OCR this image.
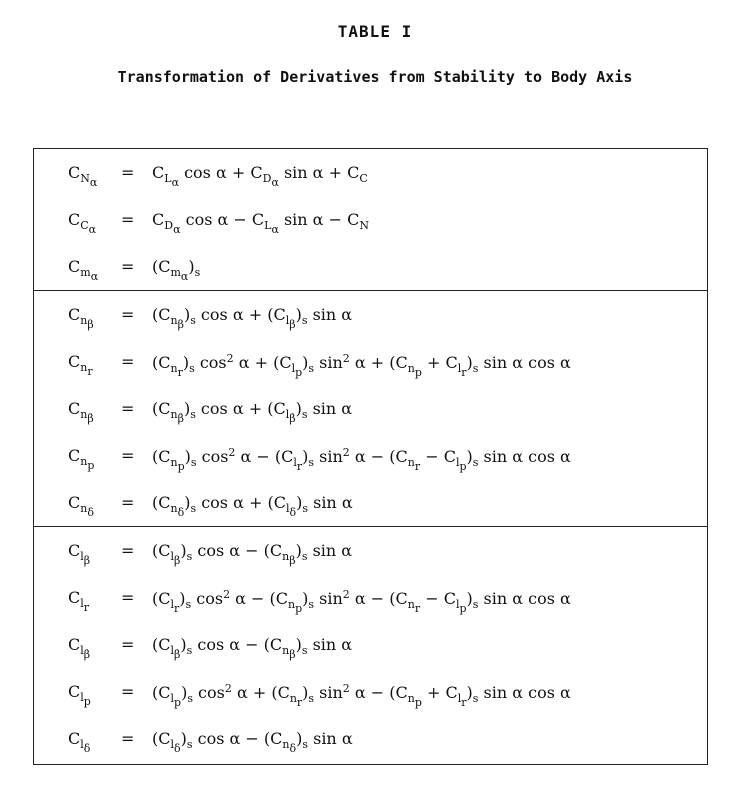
TABLE I
Transformation of Derivatives from Stability to Body Axis
$C_{N_\alpha}$
= $C_{L_\alpha}$ $\cos \alpha + C_{D_\alpha}$ $\sin \alpha + C_C$
$C_{C_\alpha}$
= $C_{D_\alpha}$ $\cos \alpha - C_{L_\alpha}$ $\sin \alpha - C_N$
$C_{m_\alpha}$
= $(C_{m_\alpha})_s$
$C_{n_\beta}$
= $(C_{n_\beta})_s$ $\cos \alpha + (C_{l_\beta})_s$ sin α
$C_{n_r}$
= $(C_{n_r})_s$ $\cos^2 \alpha + (C_{l_p})_s$ $\sin^2 \alpha + (C_{n_p} + C_{l_r})_s$ sin α cos α
$C_{n_{\betȧ}}$
= $(C_{n_{\betȧ}})_s$ $\cos \alpha + (C_{l_{\betȧ}})_s$ sin α
$C_{n_p}$
= $(C_{n_p})_s$ $\cos^2 \alpha - (C_{l_r})_s$ $\sin^2 \alpha - (C_{n_r} - C_{l_p})_s$ sin α cos α
$C_{n_\delta}$
= $(C_{n_\delta})_s$ $\cos \alpha + (C_{l_\delta})_s$ sin α
$C_{l_\beta}$
= $(C_{l_\beta})_s$ $\cos \alpha - (C_{n_\beta})_s$ sin α
$C_{l_r}$
= $(C_{l_r})_s$ $\cos^2 \alpha - (C_{n_p})_s$ $\sin^2 \alpha - (C_{n_r} - C_{l_p})_s$ sin α cos α
$C_{l_{\betȧ}}$
= $(C_{l_{\betȧ}})_s$ $\cos \alpha - (C_{n_\beta})_s$ sin α
$C_{l_p}$
= $(C_{l_p})_s$ $\cos^2 \alpha + (C_{n_r})_s$ $\sin^2 \alpha - (C_{n_p} + C_{l_r})_s$ sin α cos α
$C_{l_\delta}$
= $(C_{l_\delta})_s$ $\cos \alpha - (C_{n_\delta})_s$ sin α
